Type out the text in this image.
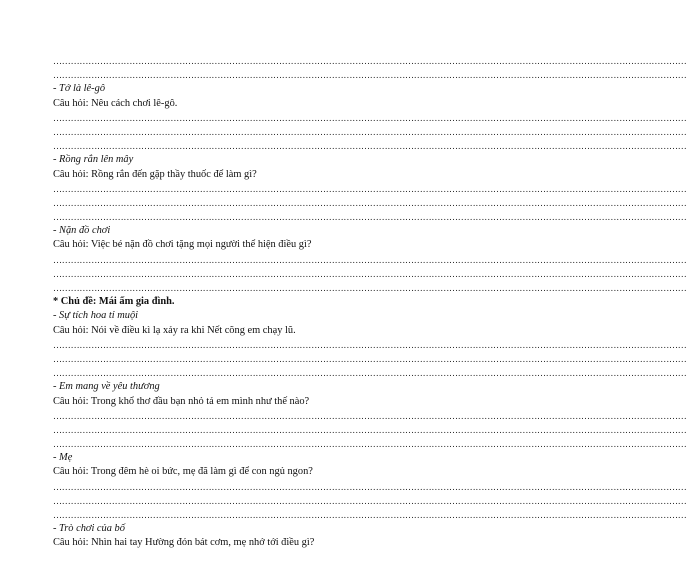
………………………………………………………………………………………………………………………………………………………………………………………………
………………………………………………………………………………………………………………………………………………………………………………………………
- Tớ là lê-gô
Câu hỏi: Nêu cách chơi lê-gô.
………………………………………………………………………………………………………………………………………………………………………………………………
………………………………………………………………………………………………………………………………………………………………………………………………
………………………………………………………………………………………………………………………………………………………………………………………………
- Rồng rắn lên mây
Câu hỏi: Rồng rắn đến gặp thầy thuốc để làm gì?
………………………………………………………………………………………………………………………………………………………………………………………………
………………………………………………………………………………………………………………………………………………………………………………………………
………………………………………………………………………………………………………………………………………………………………………………………………
- Nặn đồ chơi
Câu hỏi: Việc bé nặn đồ chơi tặng mọi người thể hiện điều gì?
………………………………………………………………………………………………………………………………………………………………………………………………
………………………………………………………………………………………………………………………………………………………………………………………………
………………………………………………………………………………………………………………………………………………………………………………………………
* Chủ đề: Mái ấm gia đình.
- Sự tích hoa tỉ muội
Câu hỏi: Nói về điều kì lạ xảy ra khi Nết cõng em chạy lũ.
………………………………………………………………………………………………………………………………………………………………………………………………
………………………………………………………………………………………………………………………………………………………………………………………………
………………………………………………………………………………………………………………………………………………………………………………………………
- Em mang về yêu thương
Câu hỏi: Trong khổ thơ đầu bạn nhỏ tả em mình như thế nào?
………………………………………………………………………………………………………………………………………………………………………………………………
………………………………………………………………………………………………………………………………………………………………………………………………
………………………………………………………………………………………………………………………………………………………………………………………………
- Mẹ
Câu hỏi: Trong đêm hè oi bức, mẹ đã làm gì để con ngủ ngon?
………………………………………………………………………………………………………………………………………………………………………………………………
………………………………………………………………………………………………………………………………………………………………………………………………
………………………………………………………………………………………………………………………………………………………………………………………………
- Trò chơi của bố
Câu hỏi: Nhìn hai tay Hường đón bát cơm, mẹ nhớ tới điều gì?
